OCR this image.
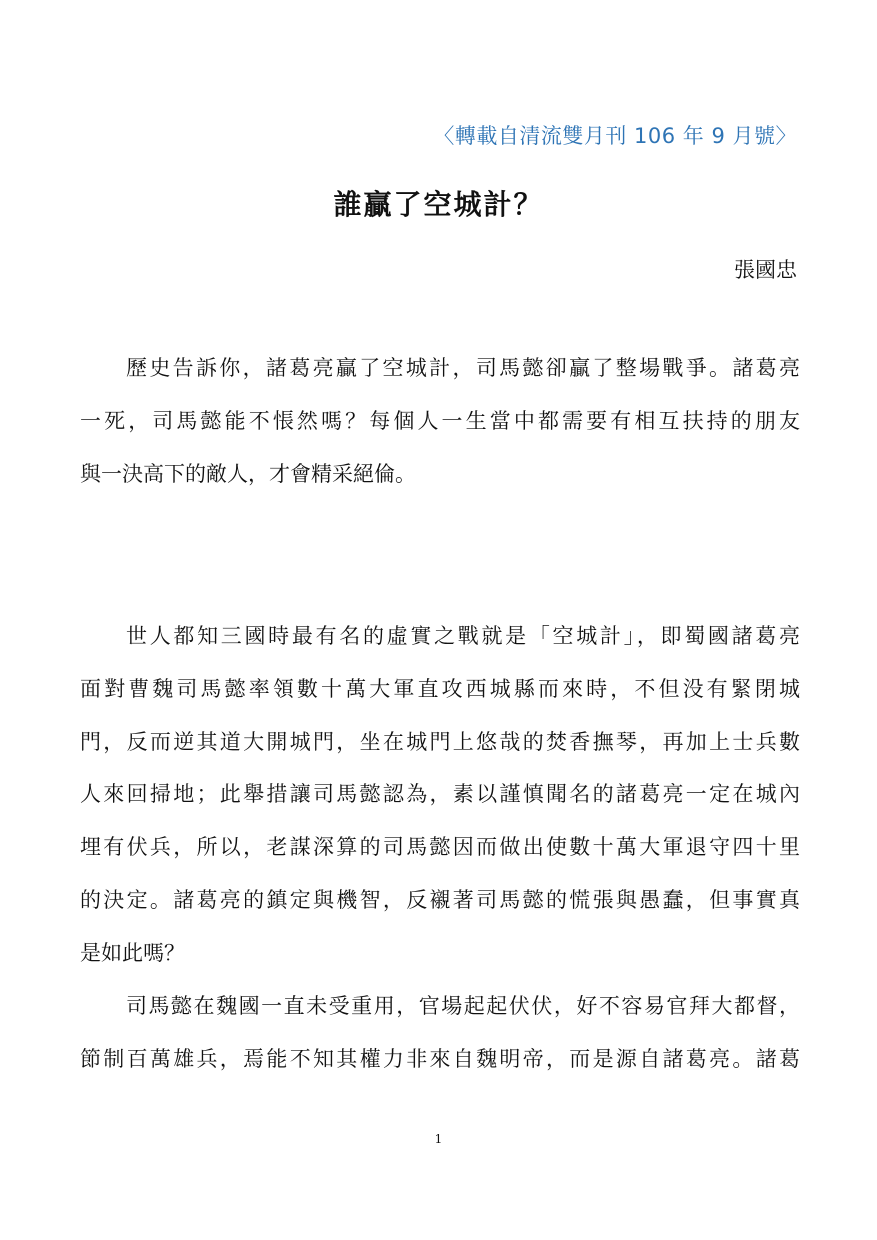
〈轉載自清流雙月刊 106 年 9 月號〉
誰贏了空城計？
張國忠
歷史告訴你，諸葛亮贏了空城計，司馬懿卻贏了整場戰爭。諸葛亮
一死，司馬懿能不悵然嗎？每個人一生當中都需要有相互扶持的朋友
與一決高下的敵人，才會精采絕倫。
世人都知三國時最有名的虛實之戰就是「空城計」，即蜀國諸葛亮
面對曹魏司馬懿率領數十萬大軍直攻西城縣而來時，不但没有緊閉城
門，反而逆其道大開城門，坐在城門上悠哉的焚香撫琴，再加上士兵數
人來回掃地；此舉措讓司馬懿認為，素以謹慎聞名的諸葛亮一定在城內
埋有伏兵，所以，老謀深算的司馬懿因而做出使數十萬大軍退守四十里
的決定。諸葛亮的鎮定與機智，反襯著司馬懿的慌張與愚蠢，但事實真
是如此嗎？
司馬懿在魏國一直未受重用，官場起起伏伏，好不容易官拜大都督，
節制百萬雄兵，焉能不知其權力非來自魏明帝，而是源自諸葛亮。諸葛
1
